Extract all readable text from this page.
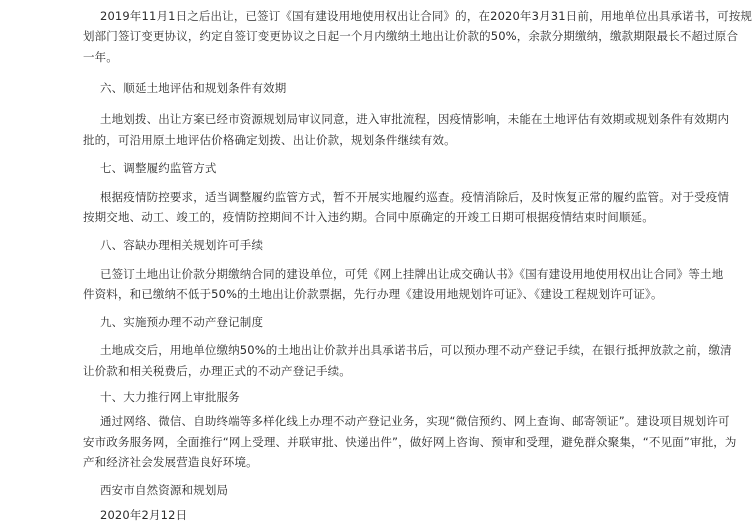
2019年11月1日之后出让，已签订《国有建设用地使用权出让合同》的，在2020年3月31日前，用地单位出具承诺书，可按规
划部门签订变更协议，约定自签订变更协议之日起一个月内缴纳土地出让价款的50%，余款分期缴纳，缴款期限最长不超过原合
一年。
六、顺延土地评估和规划条件有效期
土地划拨、出让方案已经市资源规划局审议同意，进入审批流程，因疫情影响，未能在土地评估有效期或规划条件有效期内
批的，可沿用原土地评估价格确定划拨、出让价款，规划条件继续有效。
七、调整履约监管方式
根据疫情防控要求，适当调整履约监管方式，暂不开展实地履约巡查。疫情消除后，及时恢复正常的履约监管。对于受疫情
按期交地、动工、竣工的，疫情防控期间不计入违约期。合同中原确定的开竣工日期可根据疫情结束时间顺延。
八、容缺办理相关规划许可手续
已签订土地出让价款分期缴纳合同的建设单位，可凭《网上挂牌出让成交确认书》《国有建设用地使用权出让合同》等土地
件资料，和已缴纳不低于50%的土地出让价款票据，先行办理《建设用地规划许可证》、《建设工程规划许可证》。
九、实施预办理不动产登记制度
土地成交后，用地单位缴纳50%的土地出让价款并出具承诺书后，可以预办理不动产登记手续，在银行抵押放款之前，缴清
让价款和相关税费后，办理正式的不动产登记手续。
十、大力推行网上审批服务
通过网络、微信、自助终端等多样化线上办理不动产登记业务，实现“微信预约、网上查询、邮寄领证”。建设项目规划许可
安市政务服务网，全面推行“网上受理、并联审批、快递出件”，做好网上咨询、预审和受理，避免群众聚集，“不见面”审批，为
产和经济社会发展营造良好环境。
西安市自然资源和规划局
2020年2月12日
